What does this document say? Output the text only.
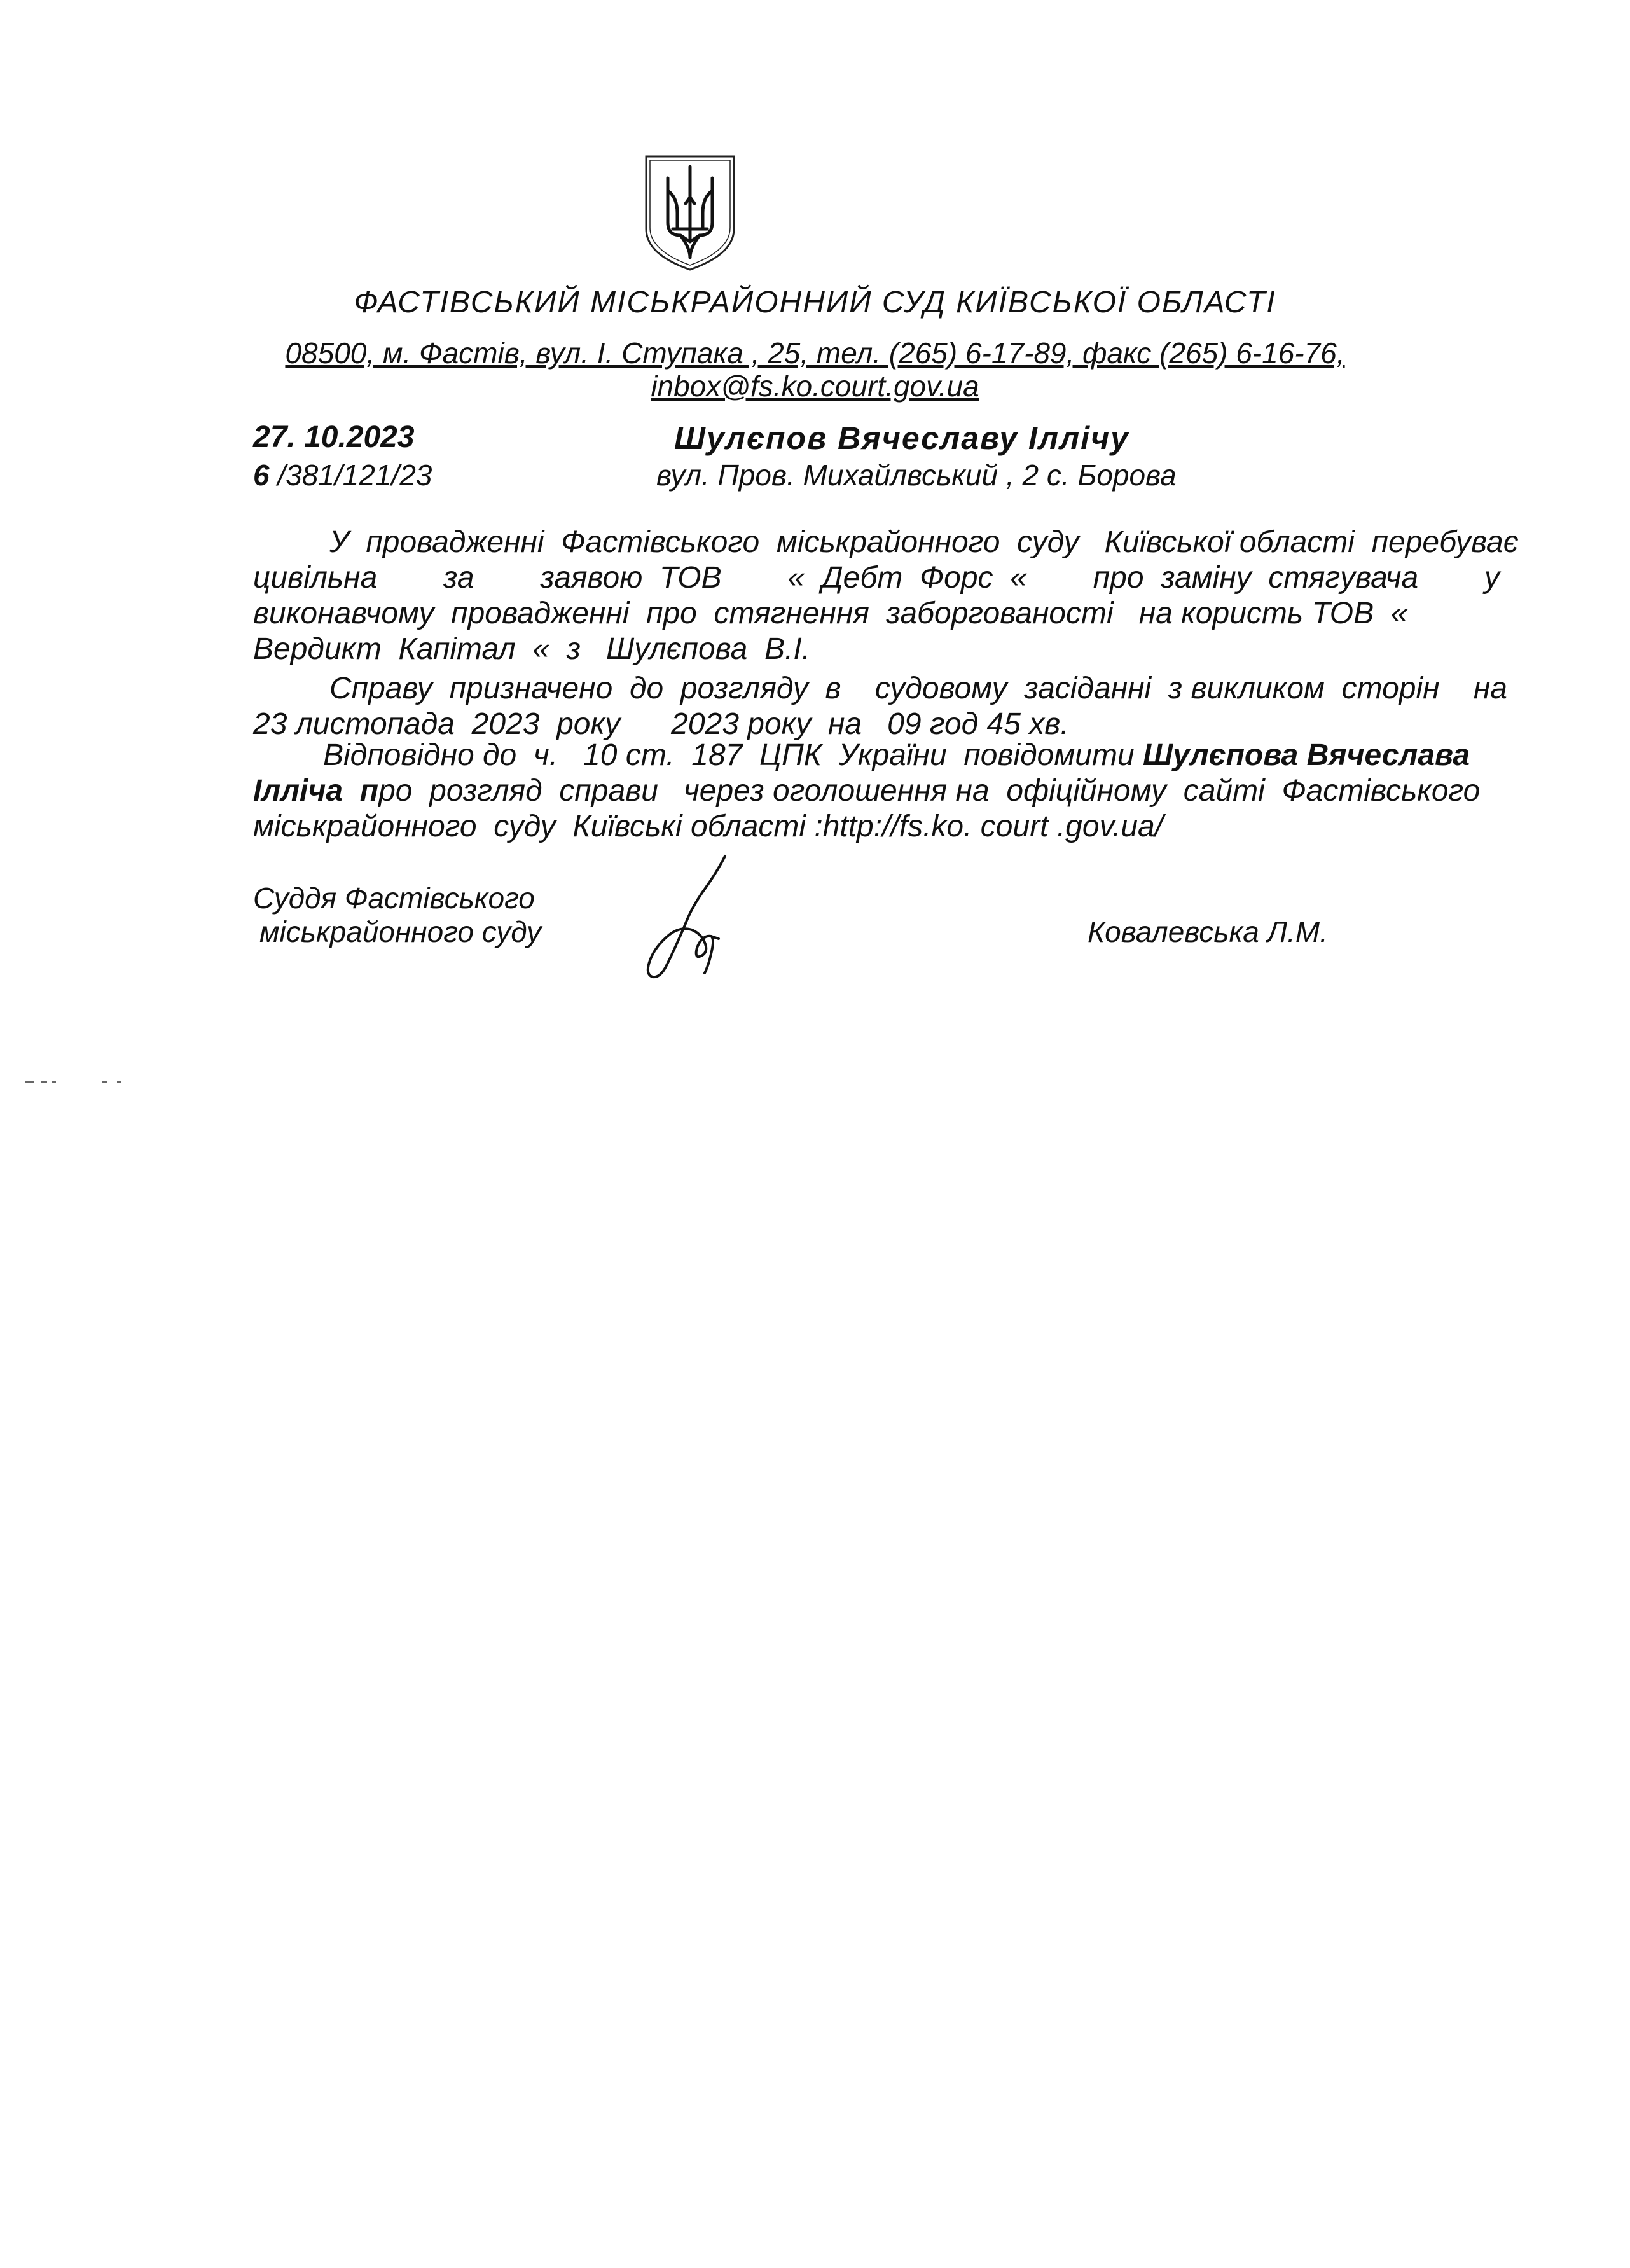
ФАСТІВСЬКИЙ МІСЬКРАЙОННИЙ СУД КИЇВСЬКОЇ ОБЛАСТІ
08500, м. Фастів, вул. І. Ступака , 25, тел. (265) 6-17-89, факс (265) 6-16-76,
inbox@fs.ko.court.gov.ua
27. 10.2023
6 /381/121/23
Шулєпов Вячеславу Іллічу
вул. Пров. Михайлвський , 2 с. Борова
У  провадженні  Фастівського  міськрайонного  суду   Київської області  перебуває
цивільна за заявою  ТОВ «  Дебт  Форс  « про  заміну  стягувача у
виконавчому  провадженні  про  стягнення  заборгованості   на користь ТОВ  «
Вердикт  Капітал  «  з   Шулєпова  В.І.
Справу  призначено  до  розгляду  в    судовому  засіданні  з викликом  сторін    на
23 листопада  2023  року      2023 року  на   09 год 45 хв.
Відповідно до  ч.   10 ст.  187  ЦПК  України  повідомити Шулєпова Вячеслава
Ілліча
п ро  розгляд  справи   через оголошення на  офіційному  сайті  Фастівського
міськрайонного  суду  Київські області :http://fs.ko. court .gov.ua/
Суддя Фастівського
міськрайонного суду	Ковалевська Л.М.
